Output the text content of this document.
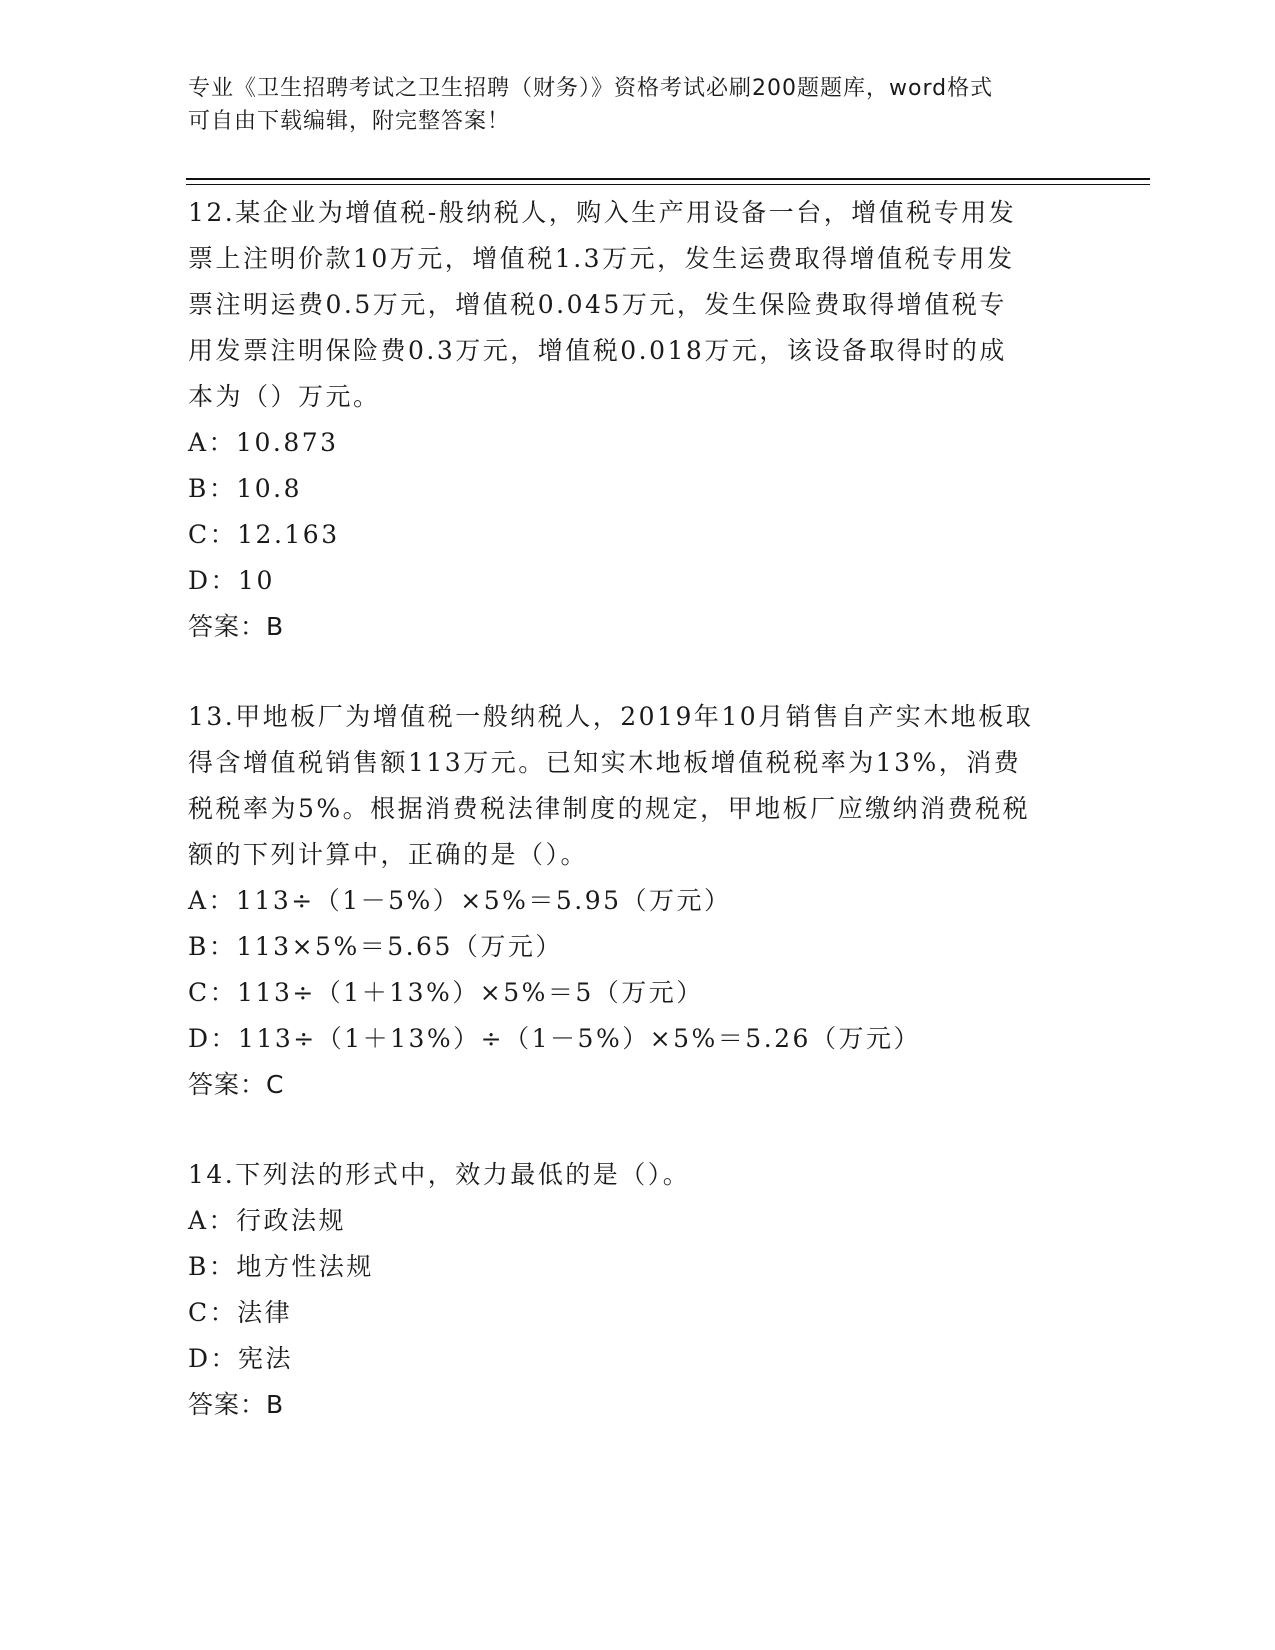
专业《卫生招聘考试之卫生招聘（财务）》资格考试必刷200题题库，word格式
可自由下载编辑，附完整答案！
12.某企业为增值税-般纳税人，购入生产用设备一台，增值税专用发
票上注明价款10万元，增值税1.3万元，发生运费取得增值税专用发
票注明运费0.5万元，增值税0.045万元，发生保险费取得增值税专
用发票注明保险费0.3万元，增值税0.018万元，该设备取得时的成
本为（）万元。
A：10.873
B：10.8
C：12.163
D：10
答案：B
13.甲地板厂为增值税一般纳税人，2019年10月销售自产实木地板取
得含增值税销售额113万元。已知实木地板增值税税率为13%，消费
税税率为5%。根据消费税法律制度的规定，甲地板厂应缴纳消费税税
额的下列计算中，正确的是（）。
A：113÷（1－5%）×5%＝5.95（万元）
B：113×5%＝5.65（万元）
C：113÷（1＋13%）×5%＝5（万元）
D：113÷（1＋13%）÷（1－5%）×5%＝5.26（万元）
答案：C
14.下列法的形式中，效力最低的是（）。
A：行政法规
B：地方性法规
C：法律
D：宪法
答案：B
